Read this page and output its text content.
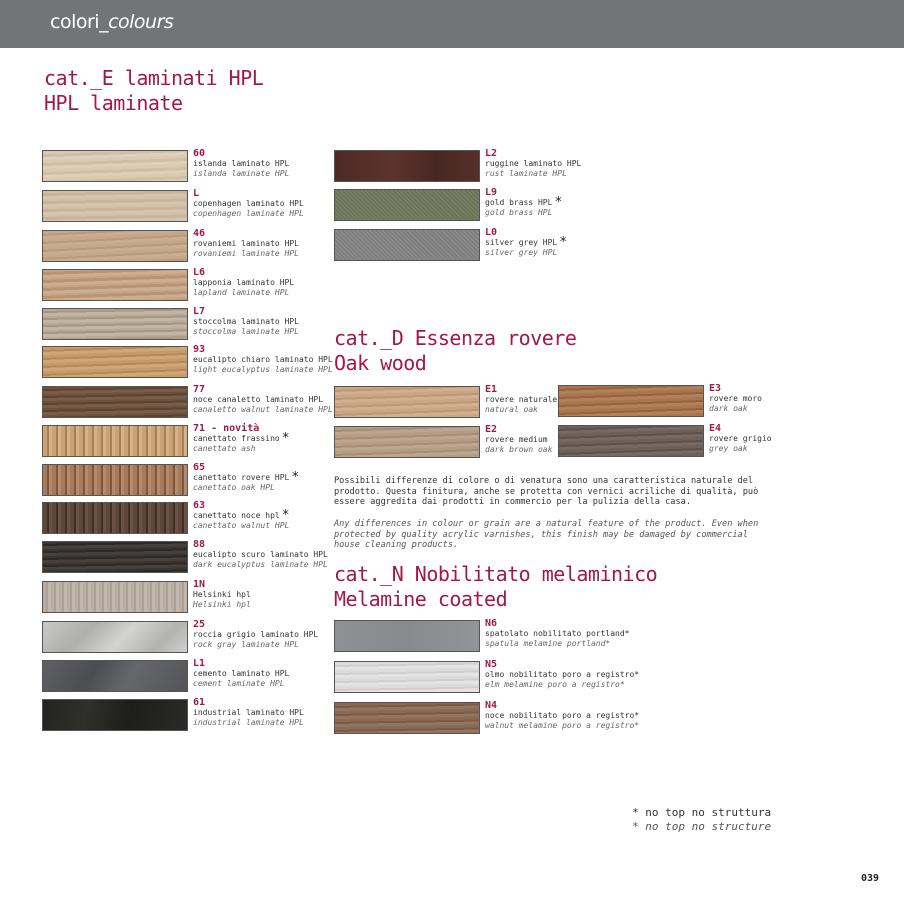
colori_colours
cat._E laminati HPL
HPL laminate
60
islanda laminato HPL
islanda laminate HPL
L
copenhagen laminato HPL
copenhagen laminate HPL
46
rovaniemi laminato HPL
rovaniemi laminate HPL
L6
lapponia laminato HPL
lapland laminate HPL
L7
stoccolma laminato HPL
stoccolma laminate HPL
93
eucalipto chiaro laminato HPL
light eucalyptus laminate HPL
77
noce canaletto laminato HPL
canaletto walnut laminate HPL
71 - novità
canettato frassino *
canettato ash
65
canettato rovere HPL *
canettato oak HPL
63
canettato noce hpl *
canettato walnut HPL
88
eucalipto scuro laminato HPL
dark eucalyptus laminate HPL
1N
Helsinki hpl
Helsinki hpl
25
roccia grigio laminato HPL
rock gray laminate HPL
L1
cemento laminato HPL
cement laminate HPL
61
industrial laminato HPL
industrial laminate HPL
L2
ruggine laminato HPL
rust laminate HPL
L9
gold brass HPL *
gold brass HPL
L0
silver grey HPL *
silver grey HPL
cat._D Essenza rovere
Oak wood
E1
rovere naturale
natural oak
E3
rovere moro
dark oak
E2
rovere medium
dark brown oak
E4
rovere grigio
grey oak
Possibili differenze di colore o di venatura sono una caratteristica naturale del prodotto. Questa finitura, anche se protetta con vernici acriliche di qualità, può essere aggredita dai prodotti in commercio per la pulizia della casa.
Any differences in colour or grain are a natural feature of the product. Even when protected by quality acrylic varnishes, this finish may be damaged by commercial house cleaning products.
cat._N Nobilitato melaminico
Melamine coated
N6
spatolato nobilitato portland*
spatula melamine portland*
N5
olmo nobilitato poro a registro*
elm melamine poro a registro*
N4
noce nobilitato poro a registro*
walnut melamine poro a registro*
* no top no struttura
* no top no structure
039
